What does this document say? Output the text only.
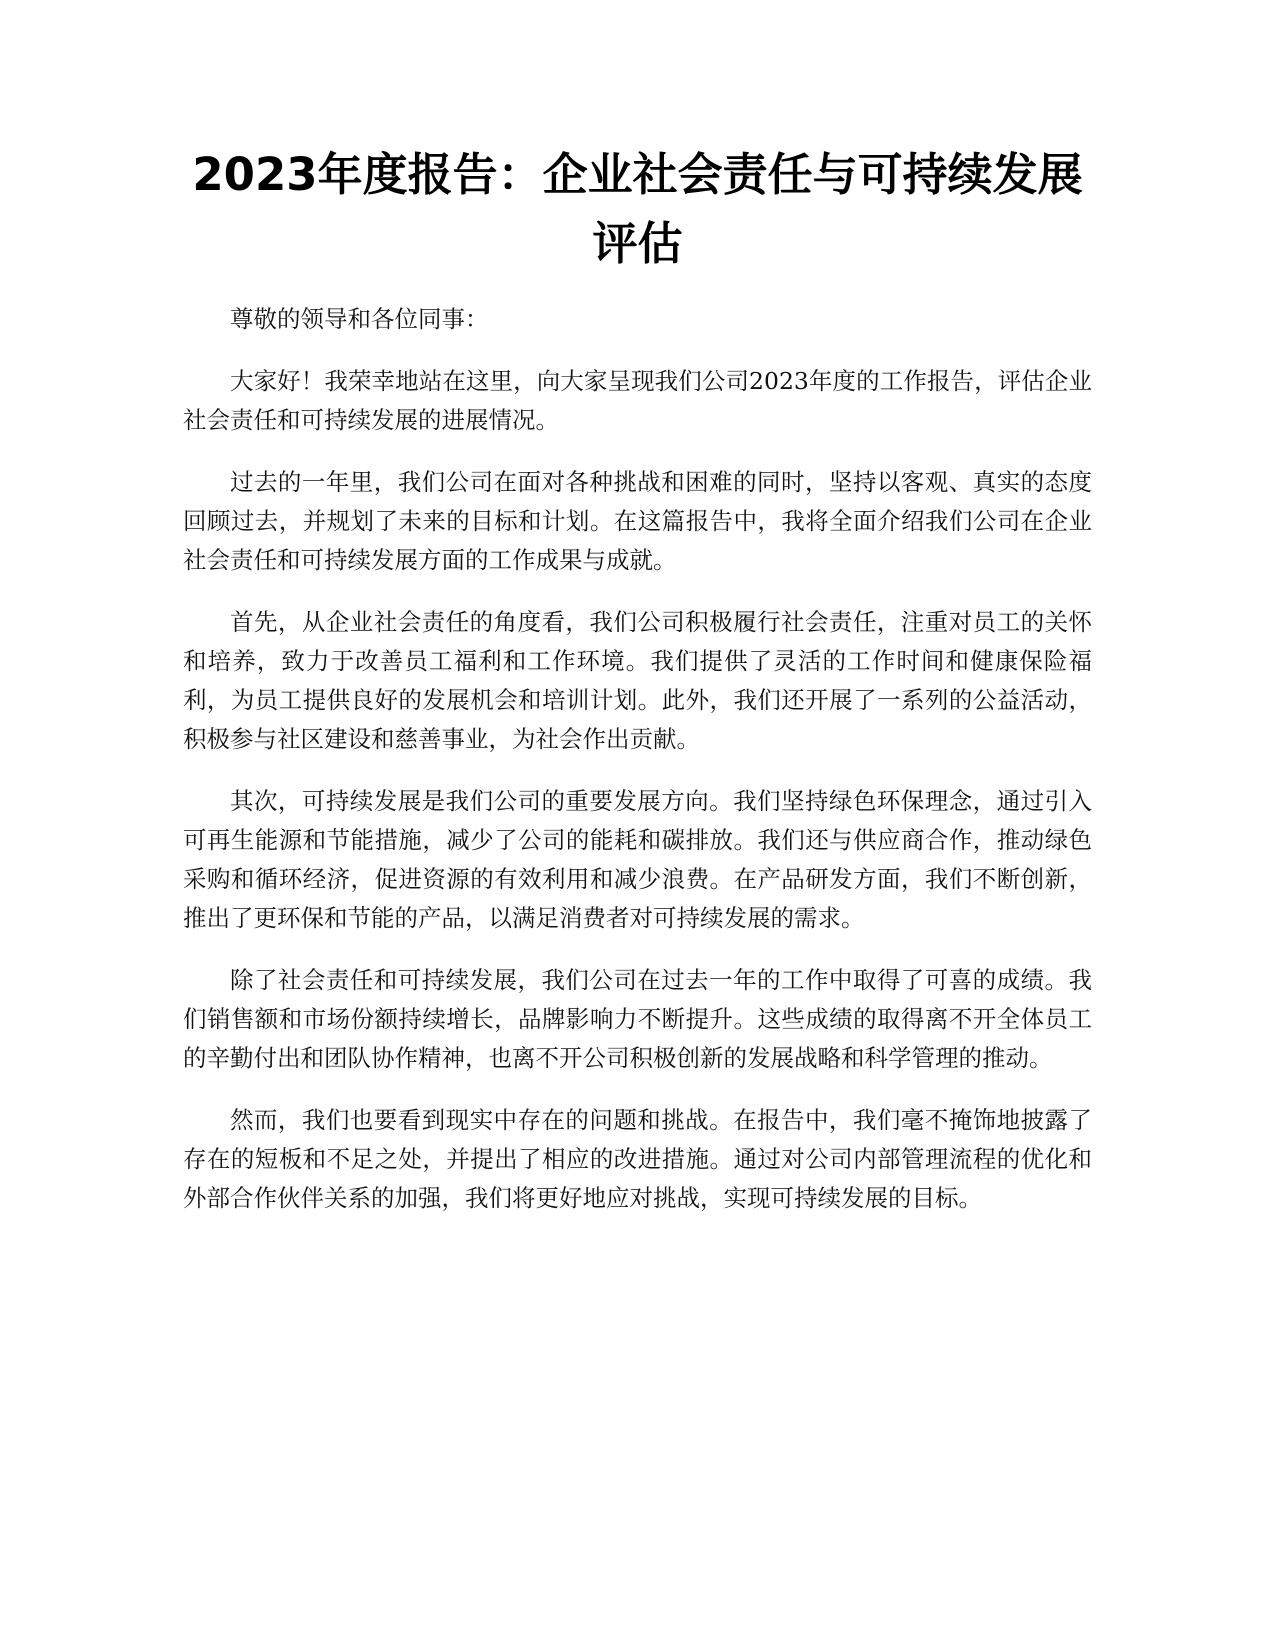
2023年度报告：企业社会责任与可持续发展评估

尊敬的领导和各位同事：

大家好！我荣幸地站在这里，向大家呈现我们公司2023年度的工作报告，评估企业社会责任和可持续发展的进展情况。

过去的一年里，我们公司在面对各种挑战和困难的同时，坚持以客观、真实的态度回顾过去，并规划了未来的目标和计划。在这篇报告中，我将全面介绍我们公司在企业社会责任和可持续发展方面的工作成果与成就。

首先，从企业社会责任的角度看，我们公司积极履行社会责任，注重对员工的关怀和培养，致力于改善员工福利和工作环境。我们提供了灵活的工作时间和健康保险福利，为员工提供良好的发展机会和培训计划。此外，我们还开展了一系列的公益活动，积极参与社区建设和慈善事业，为社会作出贡献。

其次，可持续发展是我们公司的重要发展方向。我们坚持绿色环保理念，通过引入可再生能源和节能措施，减少了公司的能耗和碳排放。我们还与供应商合作，推动绿色采购和循环经济，促进资源的有效利用和减少浪费。在产品研发方面，我们不断创新，推出了更环保和节能的产品，以满足消费者对可持续发展的需求。

除了社会责任和可持续发展，我们公司在过去一年的工作中取得了可喜的成绩。我们销售额和市场份额持续增长，品牌影响力不断提升。这些成绩的取得离不开全体员工的辛勤付出和团队协作精神，也离不开公司积极创新的发展战略和科学管理的推动。

然而，我们也要看到现实中存在的问题和挑战。在报告中，我们毫不掩饰地披露了存在的短板和不足之处，并提出了相应的改进措施。通过对公司内部管理流程的优化和外部合作伙伴关系的加强，我们将更好地应对挑战，实现可持续发展的目标。
